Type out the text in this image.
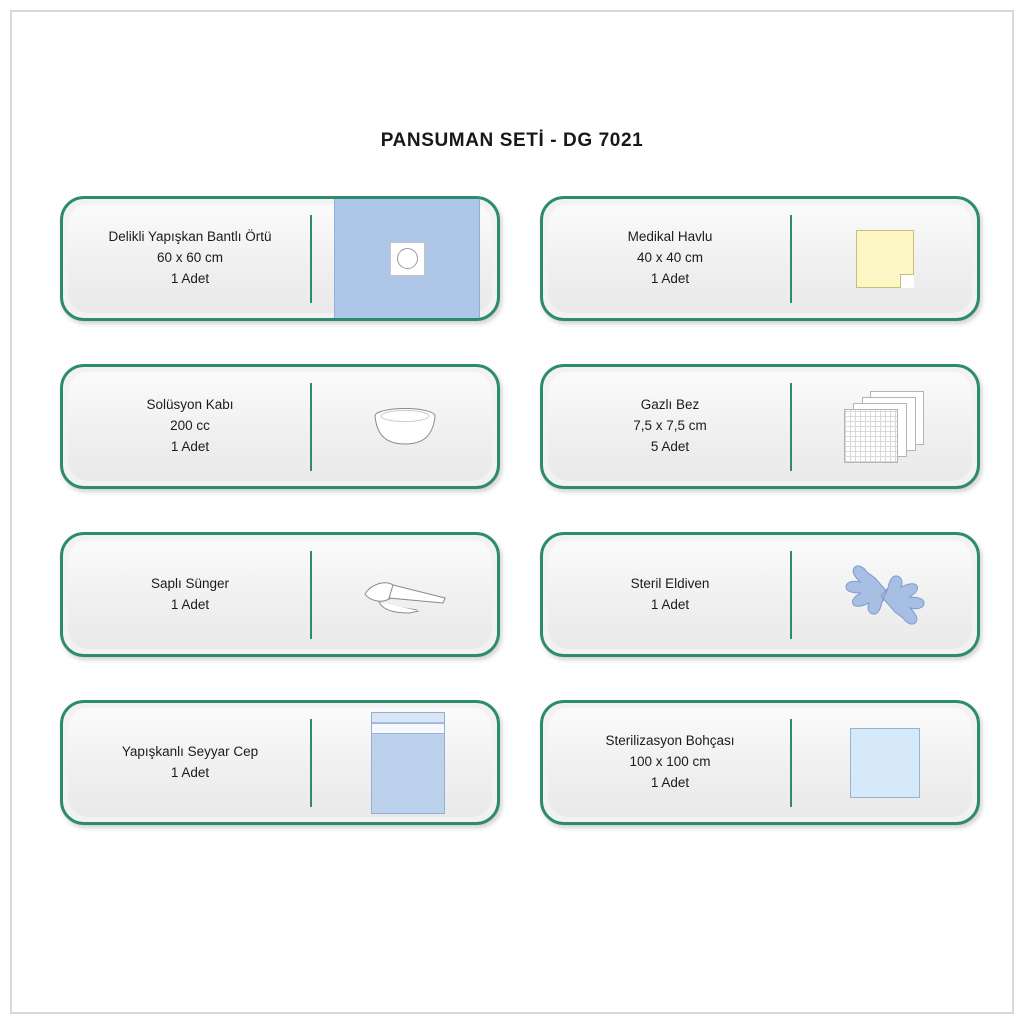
PANSUMAN SETİ - DG 7021
Delikli Yapışkan Bantlı Örtü
60 x 60 cm
1 Adet
Medikal Havlu
40 x 40 cm
1 Adet
Solüsyon Kabı
200 cc
1 Adet
Gazlı Bez
7,5 x 7,5 cm
5 Adet
Saplı Sünger
1 Adet
Steril Eldiven
1 Adet
Yapışkanlı Seyyar Cep
1 Adet
Sterilizasyon Bohçası
100 x 100 cm
1 Adet
